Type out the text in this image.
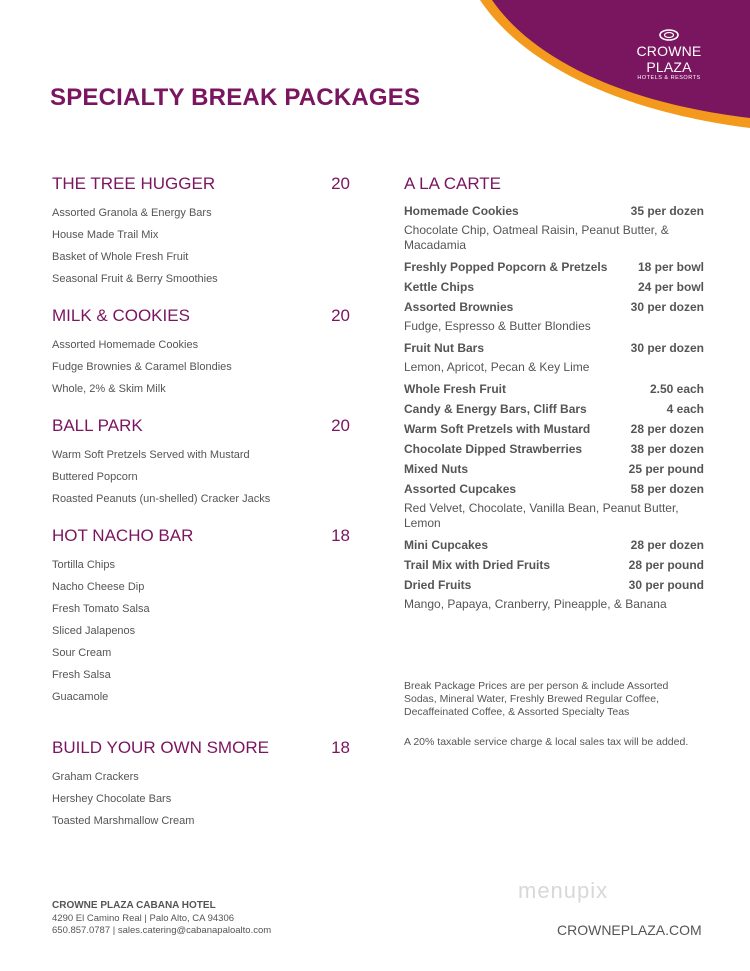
CROWNE PLAZA
HOTELS & RESORTS
SPECIALTY BREAK PACKAGES
THE TREE HUGGER	20
Assorted Granola & Energy Bars
House Made Trail Mix
Basket of Whole Fresh Fruit
Seasonal Fruit & Berry Smoothies
MILK & COOKIES	20
Assorted Homemade Cookies
Fudge Brownies & Caramel Blondies
Whole, 2% & Skim Milk
BALL PARK	20
Warm Soft Pretzels Served with Mustard
Buttered Popcorn
Roasted Peanuts (un-shelled) Cracker Jacks
HOT NACHO BAR	18
Tortilla Chips
Nacho Cheese Dip
Fresh Tomato Salsa
Sliced Jalapenos
Sour Cream
Fresh Salsa
Guacamole
BUILD YOUR OWN SMORE	18
Graham Crackers
Hershey Chocolate Bars
Toasted Marshmallow Cream
A LA CARTE
Homemade Cookies	35 per dozen
Chocolate Chip, Oatmeal Raisin, Peanut Butter, & Macadamia
Freshly Popped Popcorn & Pretzels	18 per bowl
Kettle Chips	24 per bowl
Assorted Brownies	30 per dozen
Fudge, Espresso & Butter Blondies
Fruit Nut Bars	30 per dozen
Lemon, Apricot, Pecan & Key Lime
Whole Fresh Fruit	2.50 each
Candy & Energy Bars, Cliff Bars	4 each
Warm Soft Pretzels with Mustard	28 per dozen
Chocolate Dipped Strawberries	38 per dozen
Mixed Nuts	25 per pound
Assorted Cupcakes	58 per dozen
Red Velvet, Chocolate, Vanilla Bean, Peanut Butter, Lemon
Mini Cupcakes	28 per dozen
Trail Mix with Dried Fruits	28 per pound
Dried Fruits	30 per pound
Mango, Papaya, Cranberry, Pineapple, & Banana
Break Package Prices are per person & include Assorted Sodas, Mineral Water, Freshly Brewed Regular Coffee, Decaffeinated Coffee, & Assorted Specialty Teas
A 20% taxable service charge & local sales tax will be added.
CROWNE PLAZA CABANA HOTEL
4290 El Camino Real | Palo Alto, CA 94306
650.857.0787 | sales.catering@cabanapaloalto.com
menupix
CROWNEPLAZA.COM
